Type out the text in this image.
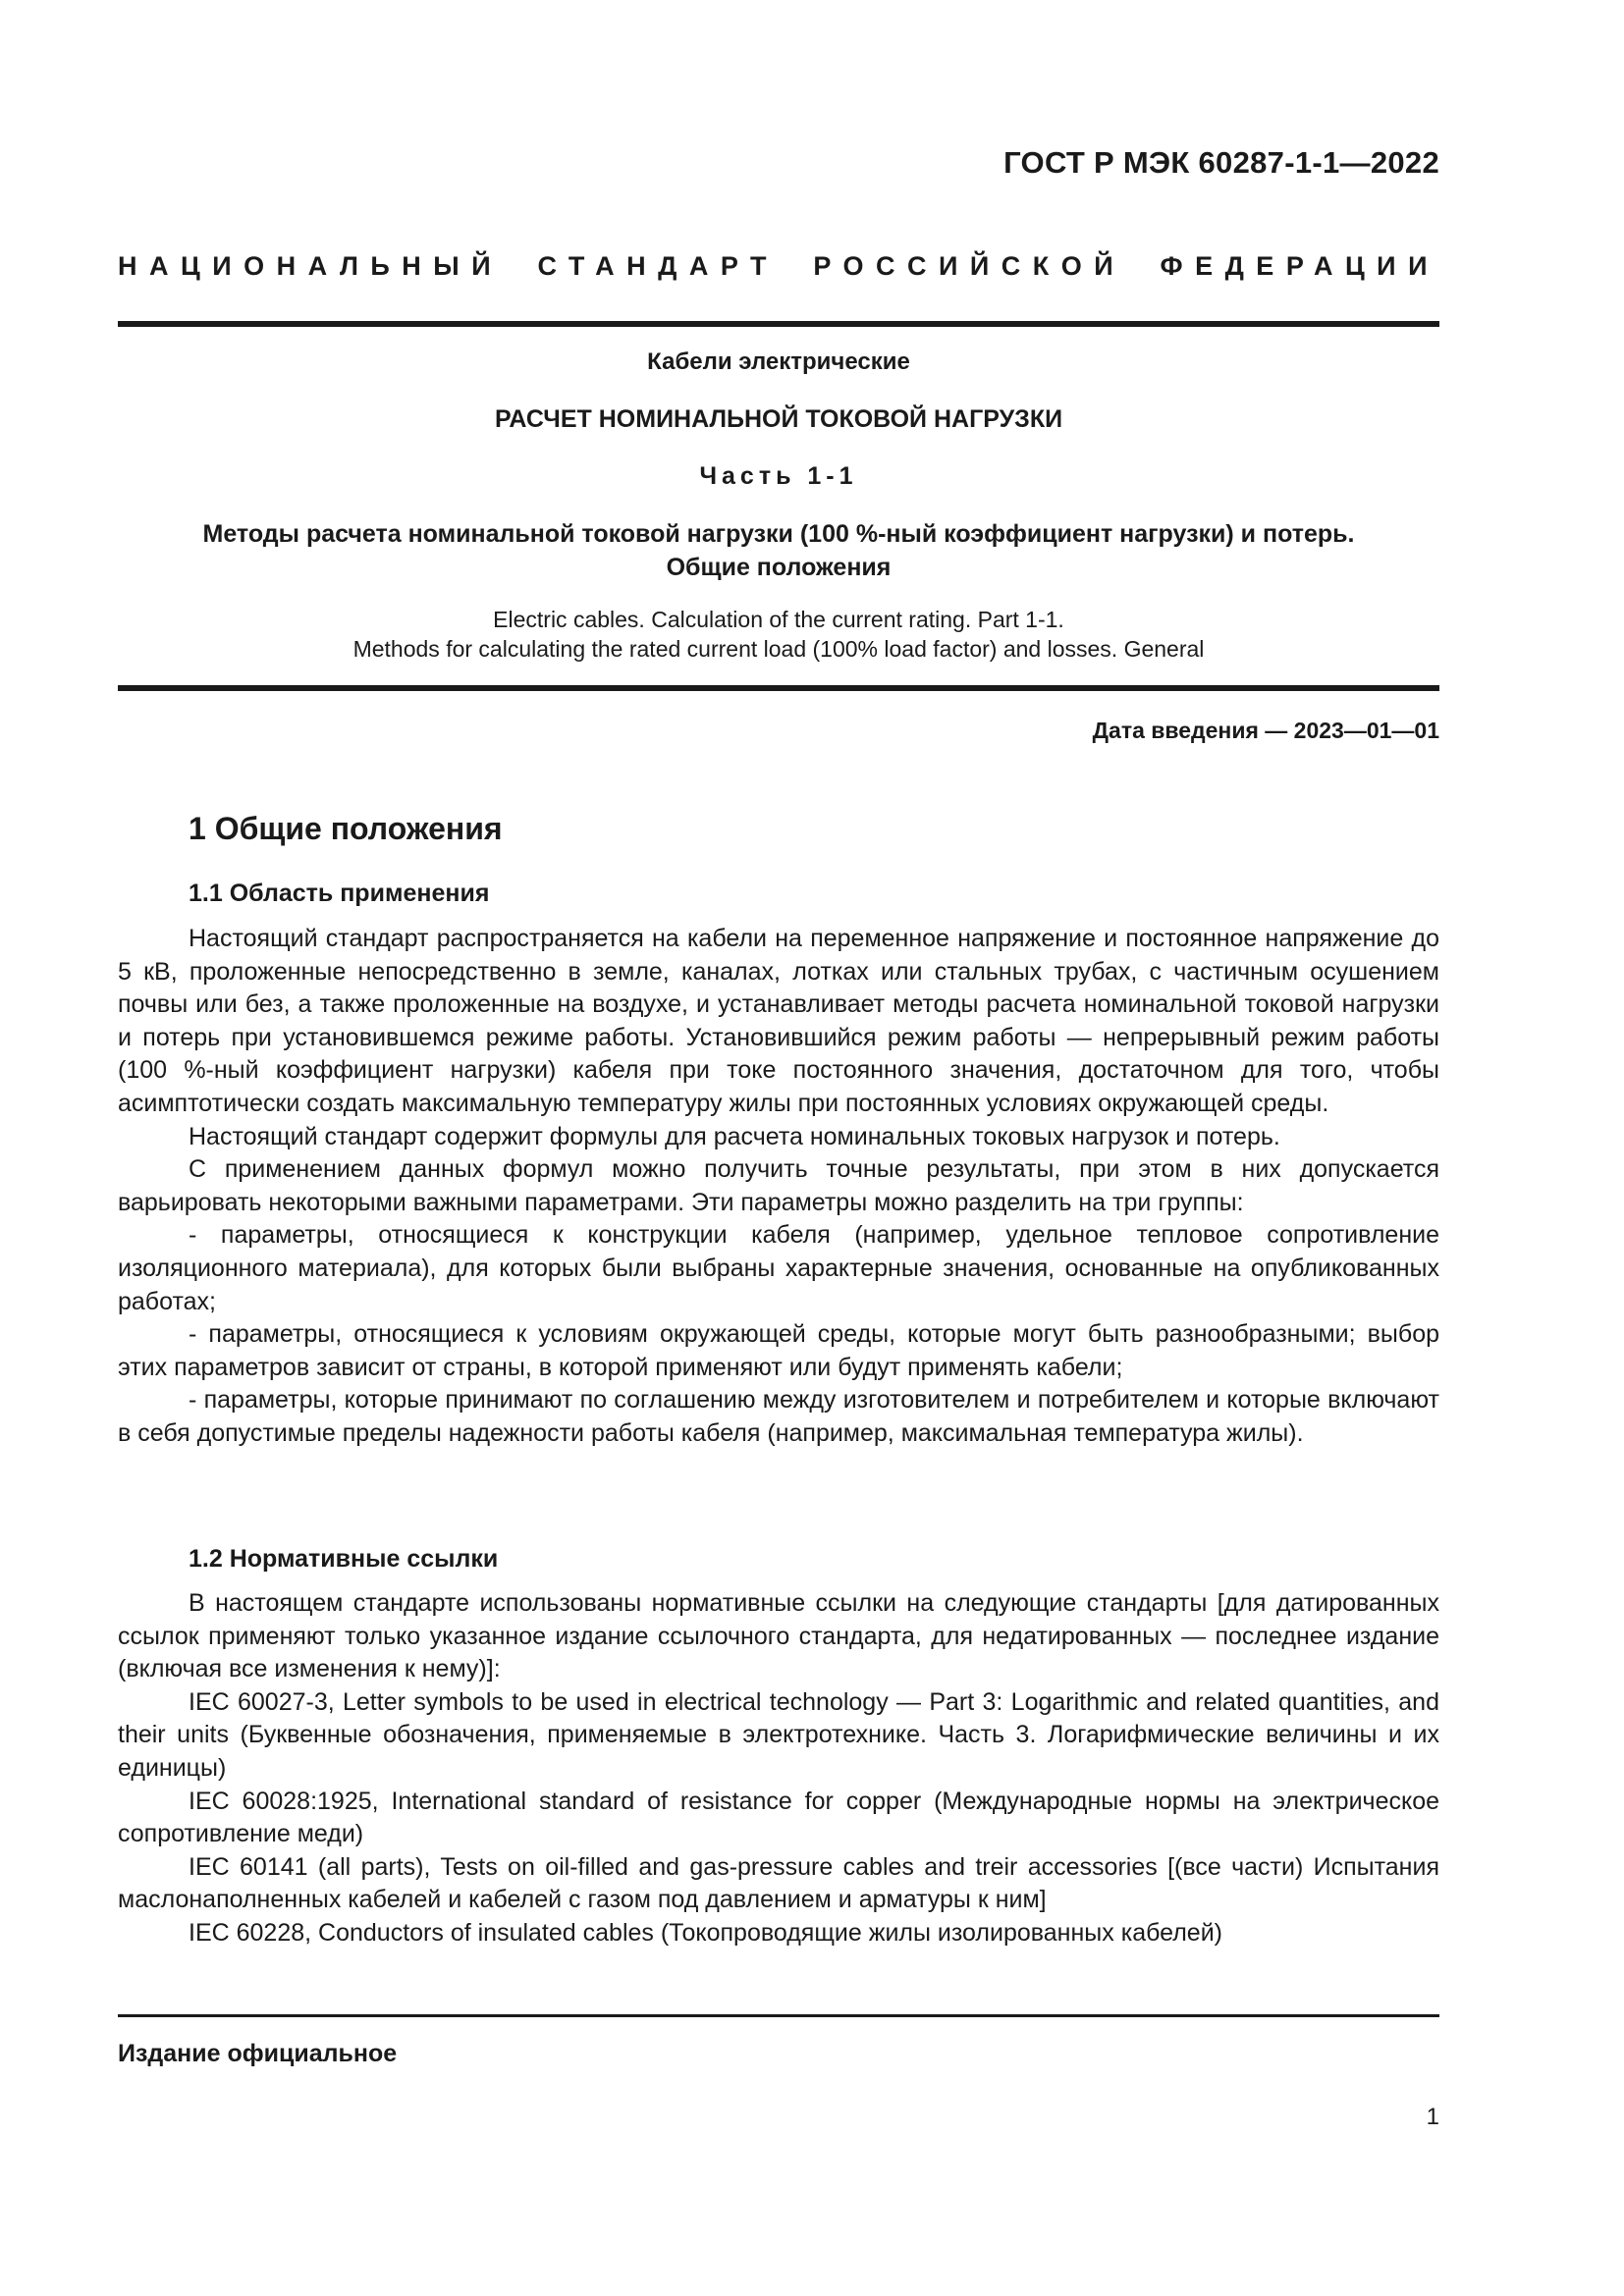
ГОСТ Р МЭК 60287-1-1—2022
НАЦИОНАЛЬНЫЙ СТАНДАРТ РОССИЙСКОЙ ФЕДЕРАЦИИ
Кабели электрические
РАСЧЕТ НОМИНАЛЬНОЙ ТОКОВОЙ НАГРУЗКИ
Часть 1-1
Методы расчета номинальной токовой нагрузки (100 %-ный коэффициент нагрузки) и потерь.
Общие положения
Electric cables. Calculation of the current rating. Part 1-1.
Methods for calculating the rated current load (100% load factor) and losses. General
Дата введения — 2023—01—01
1 Общие положения
1.1 Область применения

Настоящий стандарт распространяется на кабели на переменное напряжение и постоянное напряжение до 5 кВ, проложенные непосредственно в земле, каналах, лотках или стальных трубах, с частичным осушением почвы или без, а также проложенные на воздухе, и устанавливает методы расчета номинальной токовой нагрузки и потерь при установившемся режиме работы. Установившийся режим работы — непрерывный режим работы (100 %-ный коэффициент нагрузки) кабеля при токе постоянного значения, достаточном для того, чтобы асимптотически создать максимальную температуру жилы при постоянных условиях окружающей среды.

Настоящий стандарт содержит формулы для расчета номинальных токовых нагрузок и потерь.

С применением данных формул можно получить точные результаты, при этом в них допускается варьировать некоторыми важными параметрами. Эти параметры можно разделить на три группы:

- параметры, относящиеся к конструкции кабеля (например, удельное тепловое сопротивление изоляционного материала), для которых были выбраны характерные значения, основанные на опубликованных работах;

- параметры, относящиеся к условиям окружающей среды, которые могут быть разнообразными; выбор этих параметров зависит от страны, в которой применяют или будут применять кабели;

- параметры, которые принимают по соглашению между изготовителем и потребителем и которые включают в себя допустимые пределы надежности работы кабеля (например, максимальная температура жилы).

1.2 Нормативные ссылки

В настоящем стандарте использованы нормативные ссылки на следующие стандарты [для датированных ссылок применяют только указанное издание ссылочного стандарта, для недатированных — последнее издание (включая все изменения к нему)]:

IEC 60027-3, Letter symbols to be used in electrical technology — Part 3: Logarithmic and related quantities, and their units (Буквенные обозначения, применяемые в электротехнике. Часть 3. Логарифмические величины и их единицы)

IEC 60028:1925, International standard of resistance for copper (Международные нормы на электрическое сопротивление меди)

IEC 60141 (all parts), Tests on oil-filled and gas-pressure cables and treir accessories [(все части) Испытания маслонаполненных кабелей и кабелей с газом под давлением и арматуры к ним]

IEC 60228, Conductors of insulated cables (Токопроводящие жилы изолированных кабелей)

Издание официальное
1
